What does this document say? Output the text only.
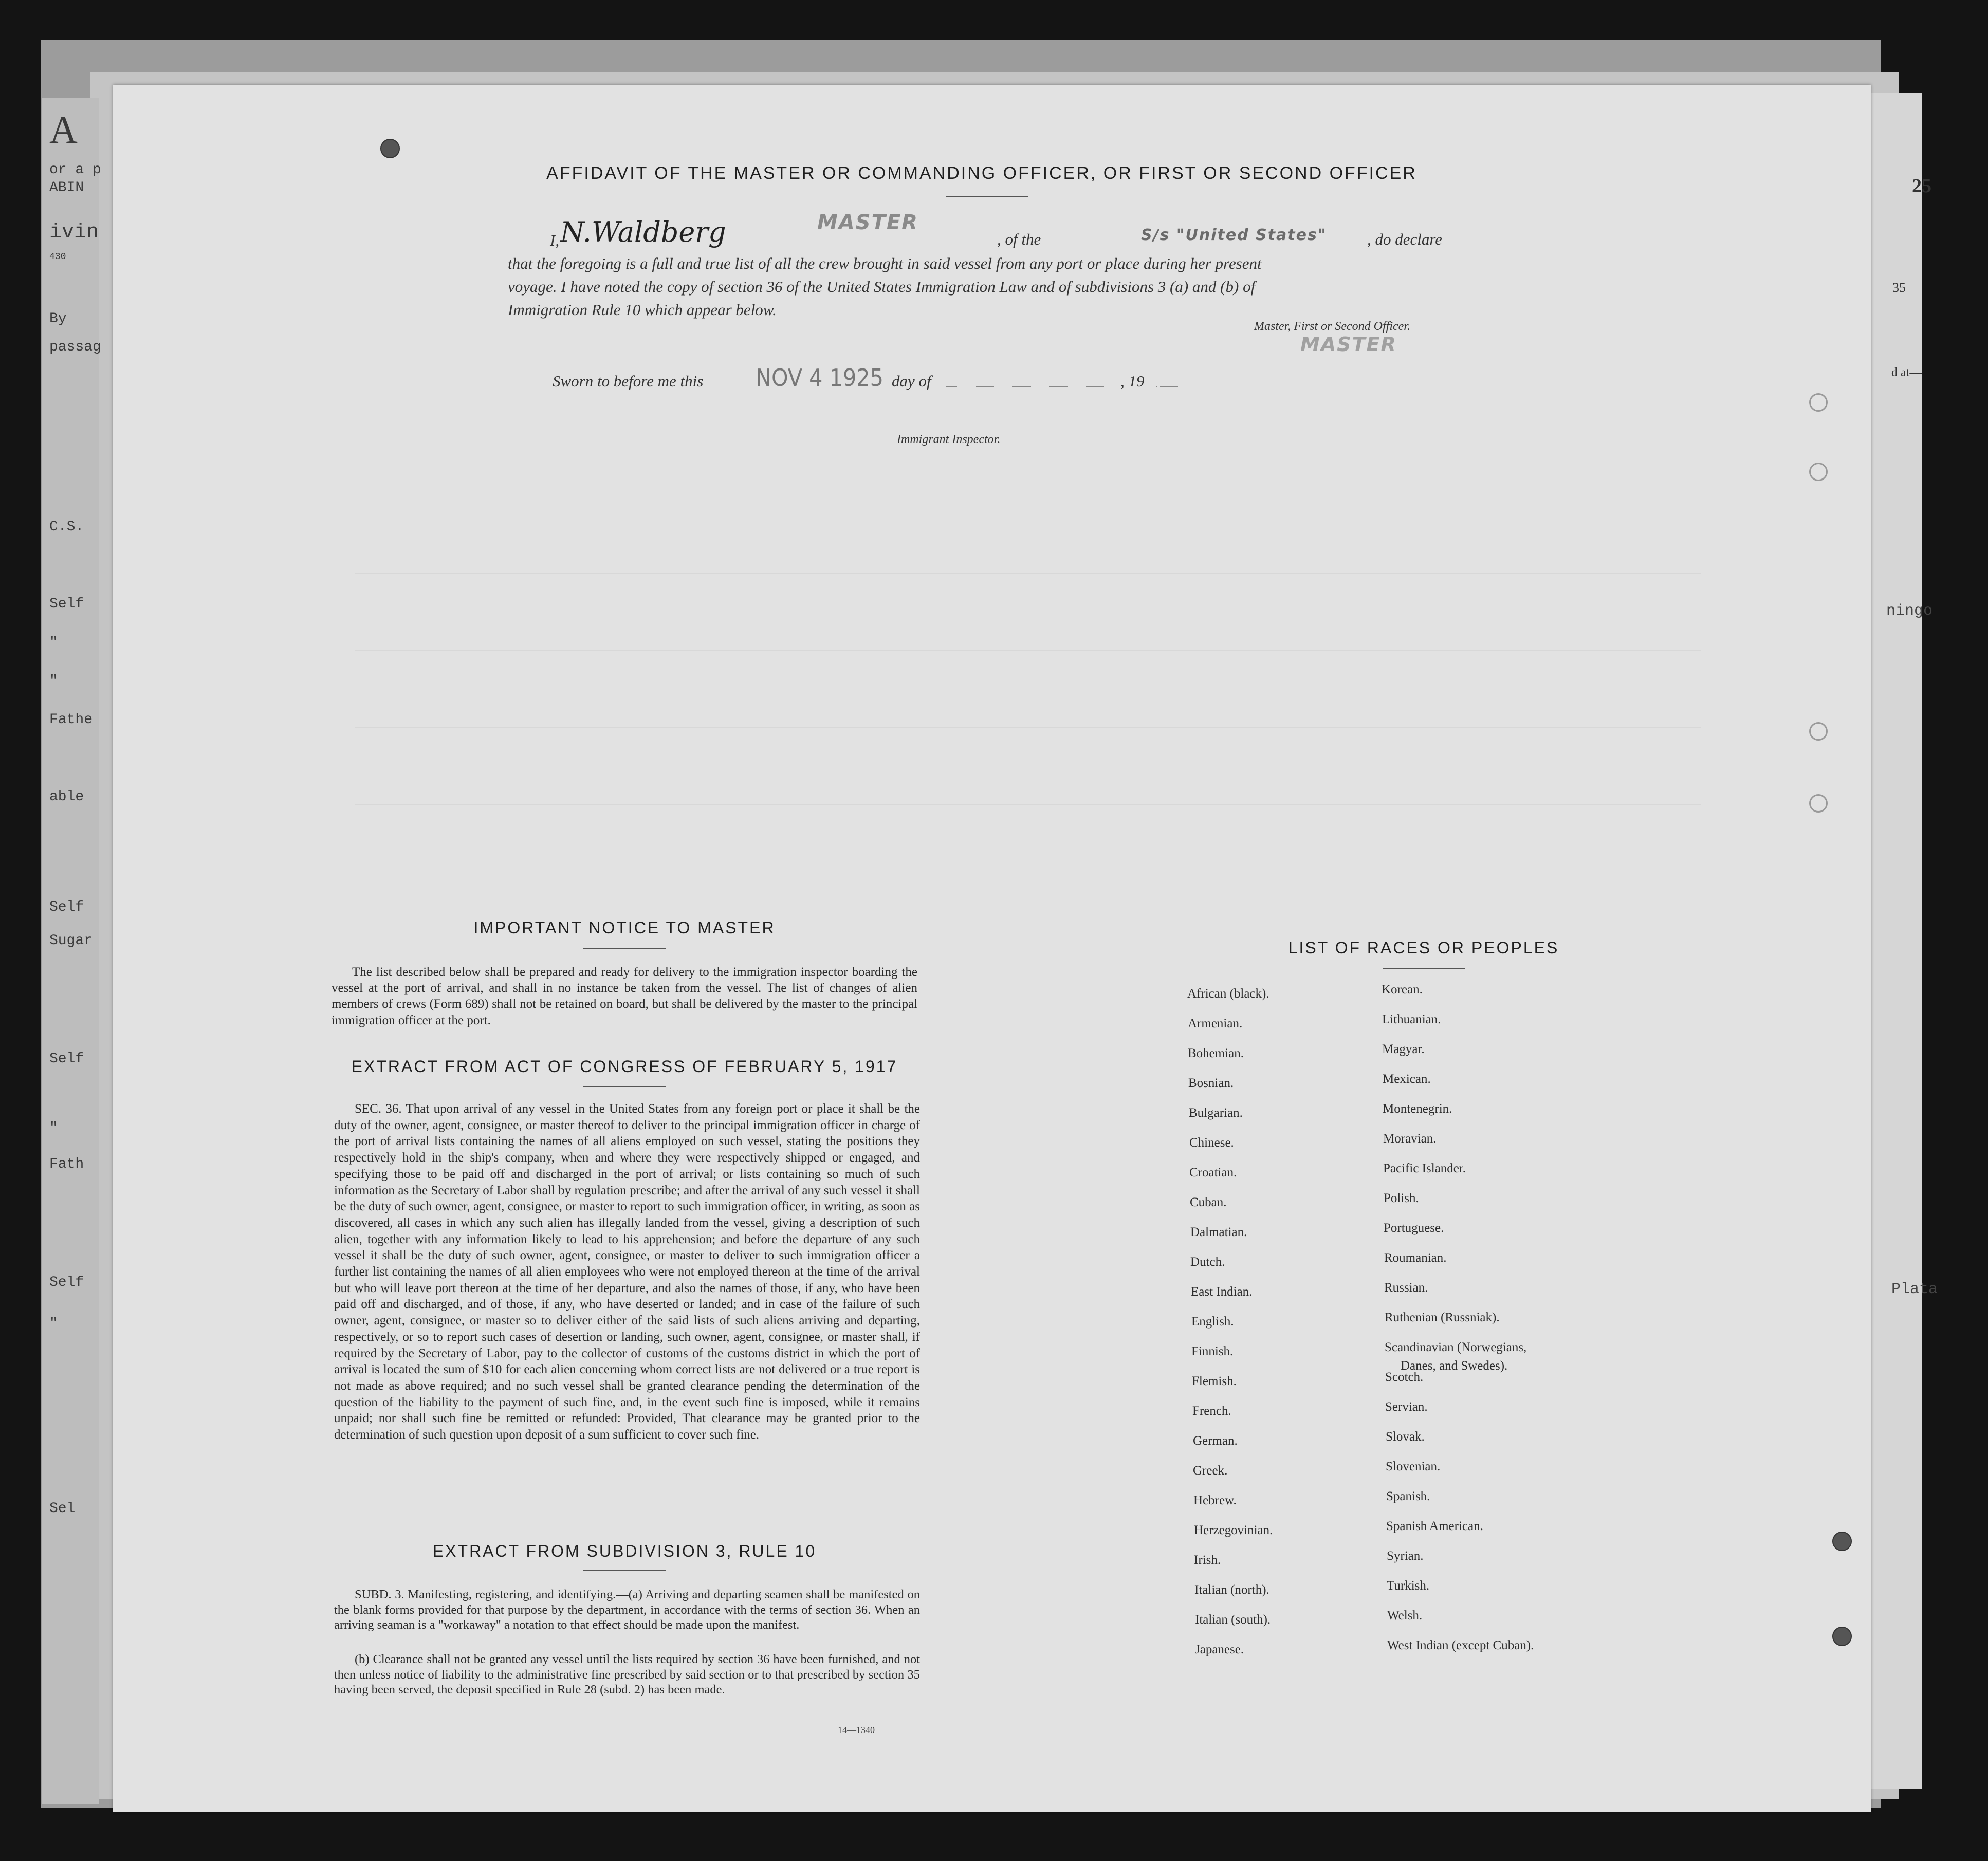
25
A
or a p
ABIN
ivin
430
By
passag
C.S.
Self
"
"
Fathe
able
Self
Sugar
Self
"
Fath
Self
"
Sel
AFFIDAVIT OF THE MASTER OR COMMANDING OFFICER, OR FIRST OR SECOND OFFICER
I, N.Waldberg	MASTER
, of the	S/s "United States"	, do declare
that the foregoing is a full and true list of all the crew brought in said vessel from any port or place during her present
voyage. I have noted the copy of section 36 of the United States Immigration Law and of subdivisions 3 (a) and (b) of
Immigration Rule 10 which appear below.
Master, First or Second Officer.
MASTER
Sworn to before me this NOV 4 1925 day of	, 19
Immigrant Inspector.
IMPORTANT NOTICE TO MASTER
The list described below shall be prepared and ready for delivery to the immigration inspector boarding the vessel at the port of arrival, and shall in no instance be taken from the vessel. The list of changes of alien members of crews (Form 689) shall not be retained on board, but shall be delivered by the master to the principal immigration officer at the port.
EXTRACT FROM ACT OF CONGRESS OF FEBRUARY 5, 1917
SEC. 36. That upon arrival of any vessel in the United States from any foreign port or place it shall be the duty of the owner, agent, consignee, or master thereof to deliver to the principal immigration officer in charge of the port of arrival lists containing the names of all aliens employed on such vessel, stating the positions they respectively hold in the ship's company, when and where they were respectively shipped or engaged, and specifying those to be paid off and discharged in the port of arrival; or lists containing so much of such information as the Secretary of Labor shall by regulation prescribe; and after the arrival of any such vessel it shall be the duty of such owner, agent, consignee, or master to report to such immigration officer, in writing, as soon as discovered, all cases in which any such alien has illegally landed from the vessel, giving a description of such alien, together with any information likely to lead to his apprehension; and before the departure of any such vessel it shall be the duty of such owner, agent, consignee, or master to deliver to such immigration officer a further list containing the names of all alien employees who were not employed thereon at the time of the arrival but who will leave port thereon at the time of her departure, and also the names of those, if any, who have been paid off and discharged, and of those, if any, who have deserted or landed; and in case of the failure of such owner, agent, consignee, or master so to deliver either of the said lists of such aliens arriving and departing, respectively, or so to report such cases of desertion or landing, such owner, agent, consignee, or master shall, if required by the Secretary of Labor, pay to the collector of customs of the customs district in which the port of arrival is located the sum of $10 for each alien concerning whom correct lists are not delivered or a true report is not made as above required; and no such vessel shall be granted clearance pending the determination of the question of the liability to the payment of such fine, and, in the event such fine is imposed, while it remains unpaid; nor shall such fine be remitted or refunded: Provided, That clearance may be granted prior to the determination of such question upon deposit of a sum sufficient to cover such fine.
EXTRACT FROM SUBDIVISION 3, RULE 10
SUBD. 3. Manifesting, registering, and identifying.—(a) Arriving and departing seamen shall be manifested on the blank forms provided for that purpose by the department, in accordance with the terms of section 36. When an arriving seaman is a "workaway" a notation to that effect should be made upon the manifest.
(b) Clearance shall not be granted any vessel until the lists required by section 36 have been furnished, and not then unless notice of liability to the administrative fine prescribed by said section or to that prescribed by section 35 having been served, the deposit specified in Rule 28 (subd. 2) has been made.
14—1340
LIST OF RACES OR PEOPLES
African (black).
Armenian.
Bohemian.
Bosnian.
Bulgarian.
Chinese.
Croatian.
Cuban.
Dalmatian.
Dutch.
East Indian.
English.
Finnish.
Flemish.
French.
German.
Greek.
Hebrew.
Herzegovinian.
Irish.
Italian (north).
Italian (south).
Japanese.
Korean.
Lithuanian.
Magyar.
Mexican.
Montenegrin.
Moravian.
Pacific Islander.
Polish.
Portuguese.
Roumanian.
Russian.
Ruthenian (Russniak).
Scandinavian (Norwegians,
Danes, and Swedes).
Scotch.
Servian.
Slovak.
Slovenian.
Spanish.
Spanish American.
Syrian.
Turkish.
Welsh.
West Indian (except Cuban).
35
d at—
ningo
Plata
